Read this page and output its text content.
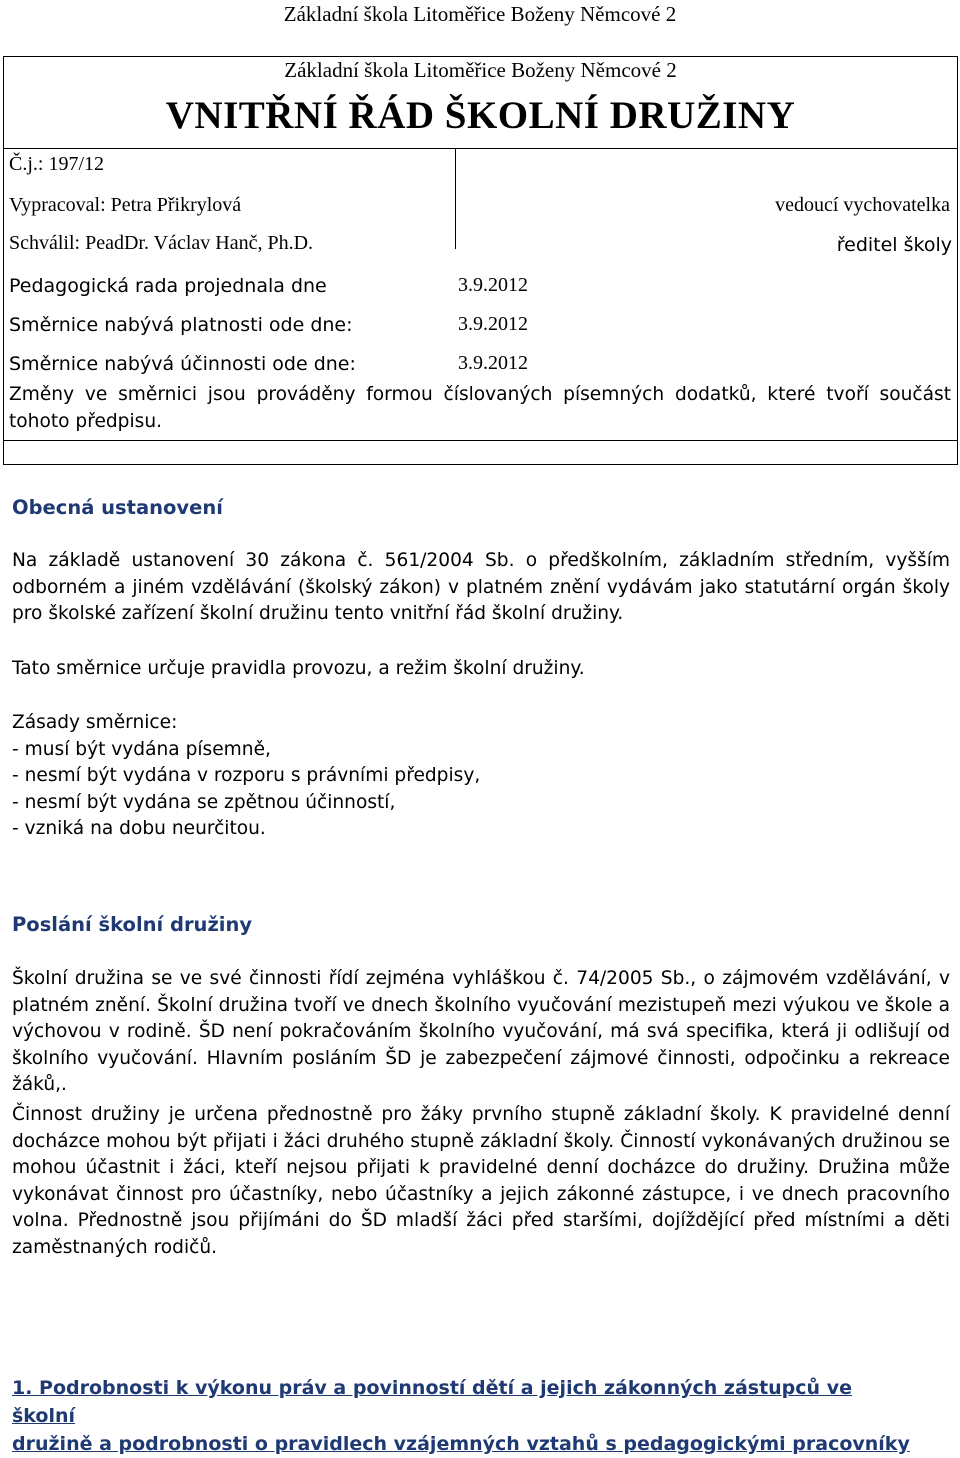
Základní škola Litoměřice Boženy Němcové 2
Základní škola Litoměřice Boženy Němcové 2
VNITŘNÍ ŘÁD ŠKOLNÍ DRUŽINY
Č.j.: 197/12
Vypracoval: Petra Přikrylová	vedoucí vychovatelka
Schválil: PeadDr. Václav Hanč, Ph.D.	ředitel školy
Pedagogická rada projednala dne	3.9.2012
Směrnice nabývá platnosti ode dne:	3.9.2012
Směrnice nabývá účinnosti ode dne:	3.9.2012
Změny ve směrnici jsou prováděny formou číslovaných písemných dodatků, které tvoří součást tohoto předpisu.
Obecná ustanovení
Na základě ustanovení 30 zákona č. 561/2004 Sb. o předškolním, základním středním, vyšším odborném a jiném vzdělávání (školský zákon) v platném znění vydávám jako statutární orgán školy pro školské zařízení školní družinu tento vnitřní řád školní družiny.
Tato směrnice určuje pravidla provozu, a režim školní družiny.
Zásady směrnice:
- musí být vydána písemně,
- nesmí být vydána v rozporu s právními předpisy,
- nesmí být vydána se zpětnou účinností,
- vzniká na dobu neurčitou.
Poslání školní družiny
Školní družina se ve své činnosti řídí zejména vyhláškou č. 74/2005 Sb., o zájmovém vzdělávání, v platném znění. Školní družina tvoří ve dnech školního vyučování mezistupeň mezi výukou ve škole a výchovou v rodině. ŠD není pokračováním školního vyučování, má svá specifika, která ji odlišují od školního vyučování. Hlavním posláním ŠD je zabezpečení zájmové činnosti, odpočinku a rekreace žáků,.
Činnost družiny je určena přednostně pro žáky prvního stupně základní školy. K pravidelné denní docházce mohou být přijati i žáci druhého stupně základní školy. Činností vykonávaných družinou se mohou účastnit i žáci, kteří nejsou přijati k pravidelné denní docházce do družiny. Družina může vykonávat činnost pro účastníky, nebo účastníky a jejich zákonné zástupce, i ve dnech pracovního volna. Přednostně jsou přijímáni do ŠD mladší žáci před staršími, dojíždějící před místními a děti zaměstnaných rodičů.
1. Podrobnosti k výkonu práv a povinností dětí a jejich zákonných zástupců ve školní
družině a podrobnosti o pravidlech vzájemných vztahů s pedagogickými pracovníky
